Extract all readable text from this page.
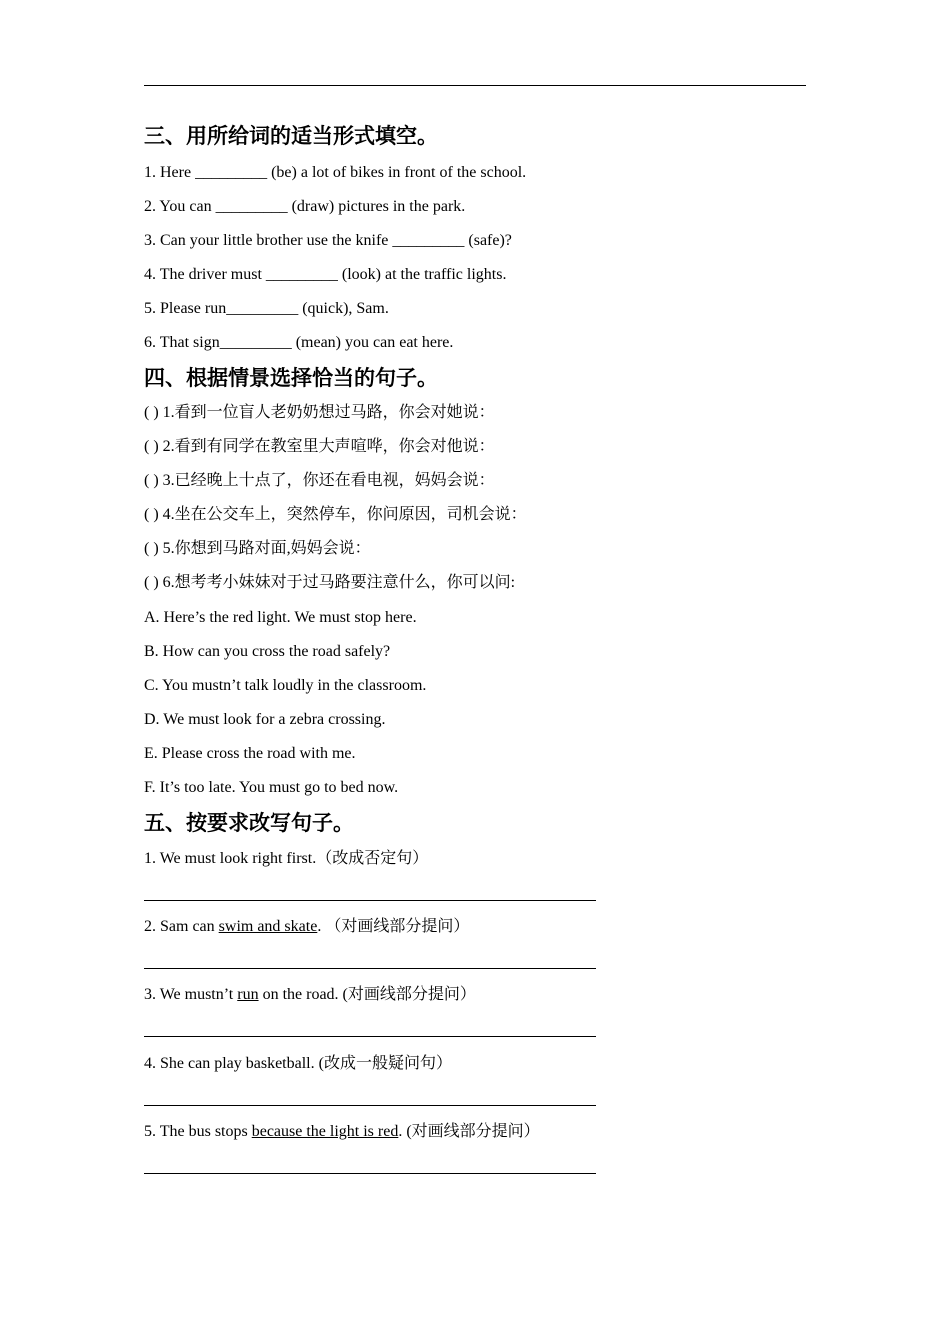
三、用所给词的适当形式填空。
1. Here _________ (be) a lot of bikes in front of the school.
2. You can _________ (draw) pictures in the park.
3. Can your little brother use the knife _________ (safe)?
4. The driver must _________ (look) at the traffic lights.
5. Please run_________ (quick), Sam.
6. That sign_________ (mean) you can eat here.
四、根据情景选择恰当的句子。
( ) 1.看到一位盲人老奶奶想过马路，你会对她说：
( ) 2.看到有同学在教室里大声喧哗，你会对他说：
( ) 3.已经晚上十点了，你还在看电视，妈妈会说：
( ) 4.坐在公交车上，突然停车，你问原因，司机会说：
( ) 5.你想到马路对面,妈妈会说：
( ) 6.想考考小妹妹对于过马路要注意什么，你可以问:
A. Here’s the red light. We must stop here.
B. How can you cross the road safely?
C. You mustn’t talk loudly in the classroom.
D. We must look for a zebra crossing.
E. Please cross the road with me.
F. It’s too late. You must go to bed now.
五、按要求改写句子。
1. We must look right first.（改成否定句）
2. Sam can swim and skate. （对画线部分提问）
3. We mustn’t run on the road. (对画线部分提问）
4. She can play basketball. (改成一般疑问句）
5. The bus stops because the light is red. (对画线部分提问）
